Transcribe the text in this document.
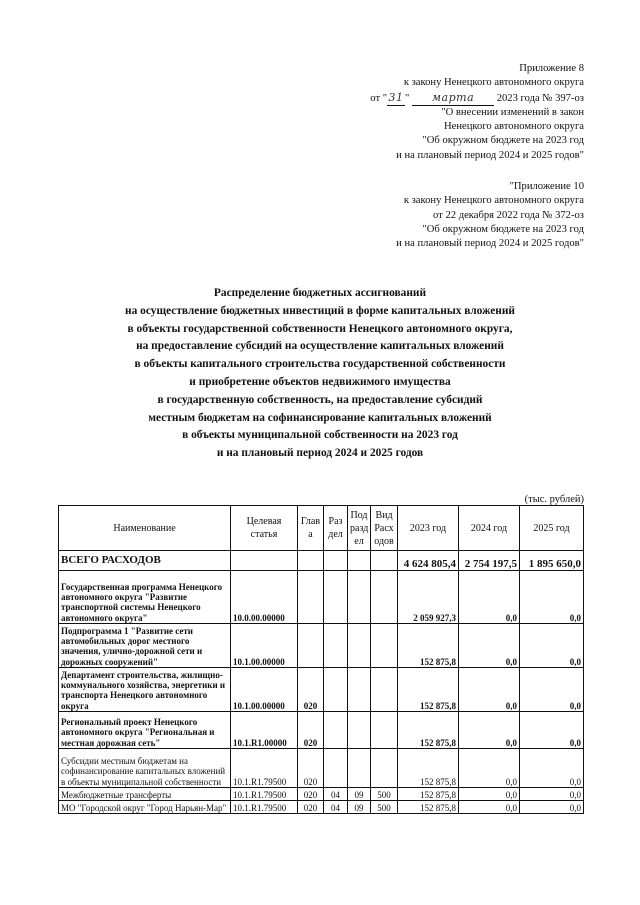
Приложение 8
к закону Ненецкого автономного округа
от " 31 " марта 2023 года № 397-оз
"О внесении изменений в закон
Ненецкого автономного округа
"Об окружном бюджете на 2023 год
и на плановый период 2024 и 2025 годов"
"Приложение 10
к закону Ненецкого автономного округа
от 22 декабря 2022 года № 372-оз
"Об окружном бюджете на 2023 год
и на плановый период 2024 и 2025 годов"
Распределение бюджетных ассигнований
на осуществление бюджетных инвестиций в форме капитальных вложений
в объекты государственной собственности Ненецкого автономного округа,
на предоставление субсидий на осуществление капитальных вложений
в объекты капитального строительства государственной собственности
и приобретение объектов недвижимого имущества
в государственную собственность, на предоставление субсидий
местным бюджетам на софинансирование капитальных вложений
в объекты муниципальной собственности на 2023 год
и на плановый период 2024 и 2025 годов
(тыс. рублей)
Наименование	Целевая статья	Глав а	Раз дел	Под разд ел	Вид Расх одов	2023 год	2024 год	2025 год
ВСЕГО РАСХОДОВ						4 624 805,4	2 754 197,5	1 895 650,0
Государственная программа Ненецкого автономного округа "Развитие транспортной системы Ненецкого автономного округа"	10.0.00.00000					2 059 927,3	0,0	0,0
Подпрограмма 1 "Развитие сети автомобильных дорог местного значения, улично-дорожной сети и дорожных сооружений"	10.1.00.00000					152 875,8	0,0	0,0
Департамент строительства, жилищно-коммунального хозяйства, энергетики и транспорта Ненецкого автономного округа	10.1.00.00000	020				152 875,8	0,0	0,0
Региональный проект Ненецкого автономного округа "Региональная и местная дорожная сеть"	10.1.R1.00000	020				152 875,8	0,0	0,0
Субсидии местным бюджетам на софинансирование капитальных вложений в объекты муниципальной собственности	10.1.R1.79500	020				152 875,8	0,0	0,0
Межбюджетные трансферты	10.1.R1.79500	020	04	09	500	152 875,8	0,0	0,0
МО "Городской округ "Город Нарьян-Мар"	10.1.R1.79500	020	04	09	500	152 875,8	0,0	0,0
